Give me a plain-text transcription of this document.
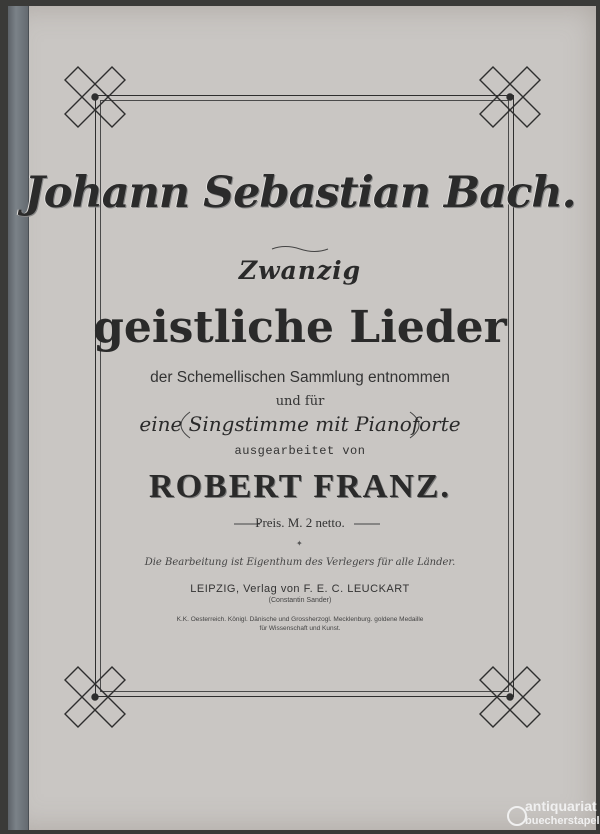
Johann Sebastian Bach.
Zwanzig
geistliche Lieder
der Schemellischen Sammlung entnommen
und für
eine Singstimme mit Pianoforte
ausgearbeitet von
ROBERT FRANZ.
Preis. M. 2 netto.
✦
Die Bearbeitung ist Eigenthum des Verlegers für alle Länder.
LEIPZIG, Verlag von F. E. C. LEUCKART
(Constantin Sander)
K.K. Oesterreich. Königl. Dänische und Grossherzogl. Mecklenburg. goldene Medaille
für Wissenschaft und Kunst.
antiquariat
buecherstapel
